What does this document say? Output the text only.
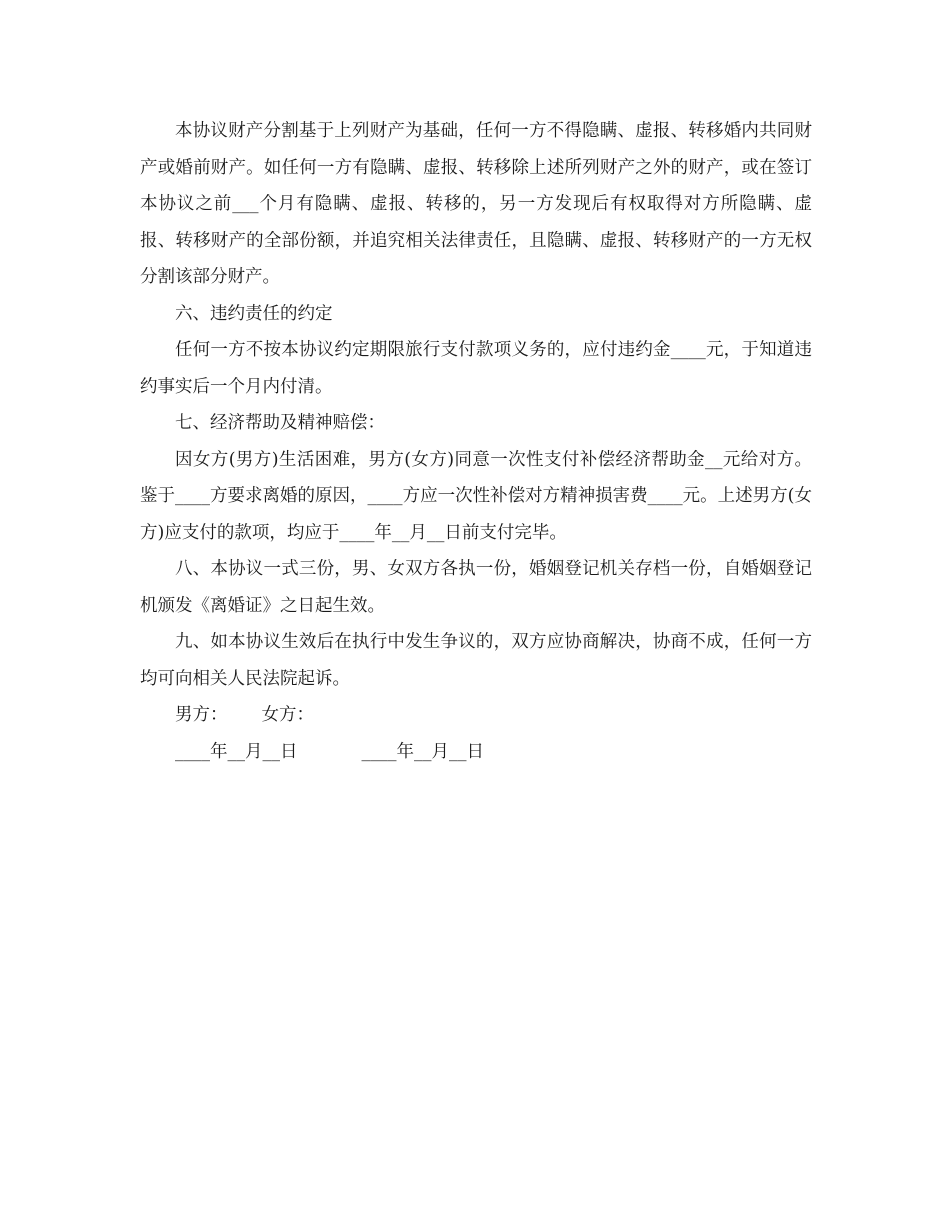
本协议财产分割基于上列财产为基础，任何一方不得隐瞒、虚报、转移婚内共同财产或婚前财产。如任何一方有隐瞒、虚报、转移除上述所列财产之外的财产，或在签订本协议之前___个月有隐瞒、虚报、转移的，另一方发现后有权取得对方所隐瞒、虚报、转移财产的全部份额，并追究相关法律责任，且隐瞒、虚报、转移财产的一方无权分割该部分财产。

六、违约责任的约定

任何一方不按本协议约定期限旅行支付款项义务的，应付违约金____元，于知道违约事实后一个月内付清。

七、经济帮助及精神赔偿：

因女方(男方)生活困难，男方(女方)同意一次性支付补偿经济帮助金__元给对方。鉴于____方要求离婚的原因，____方应一次性补偿对方精神损害费____元。上述男方(女方)应支付的款项，均应于____年__月__日前支付完毕。

八、本协议一式三份，男、女双方各执一份，婚姻登记机关存档一份，自婚姻登记机颁发《离婚证》之日起生效。

九、如本协议生效后在执行中发生争议的，双方应协商解决，协商不成，任何一方均可向相关人民法院起诉。

男方： 女方：

____年__月__日	____年__月__日
